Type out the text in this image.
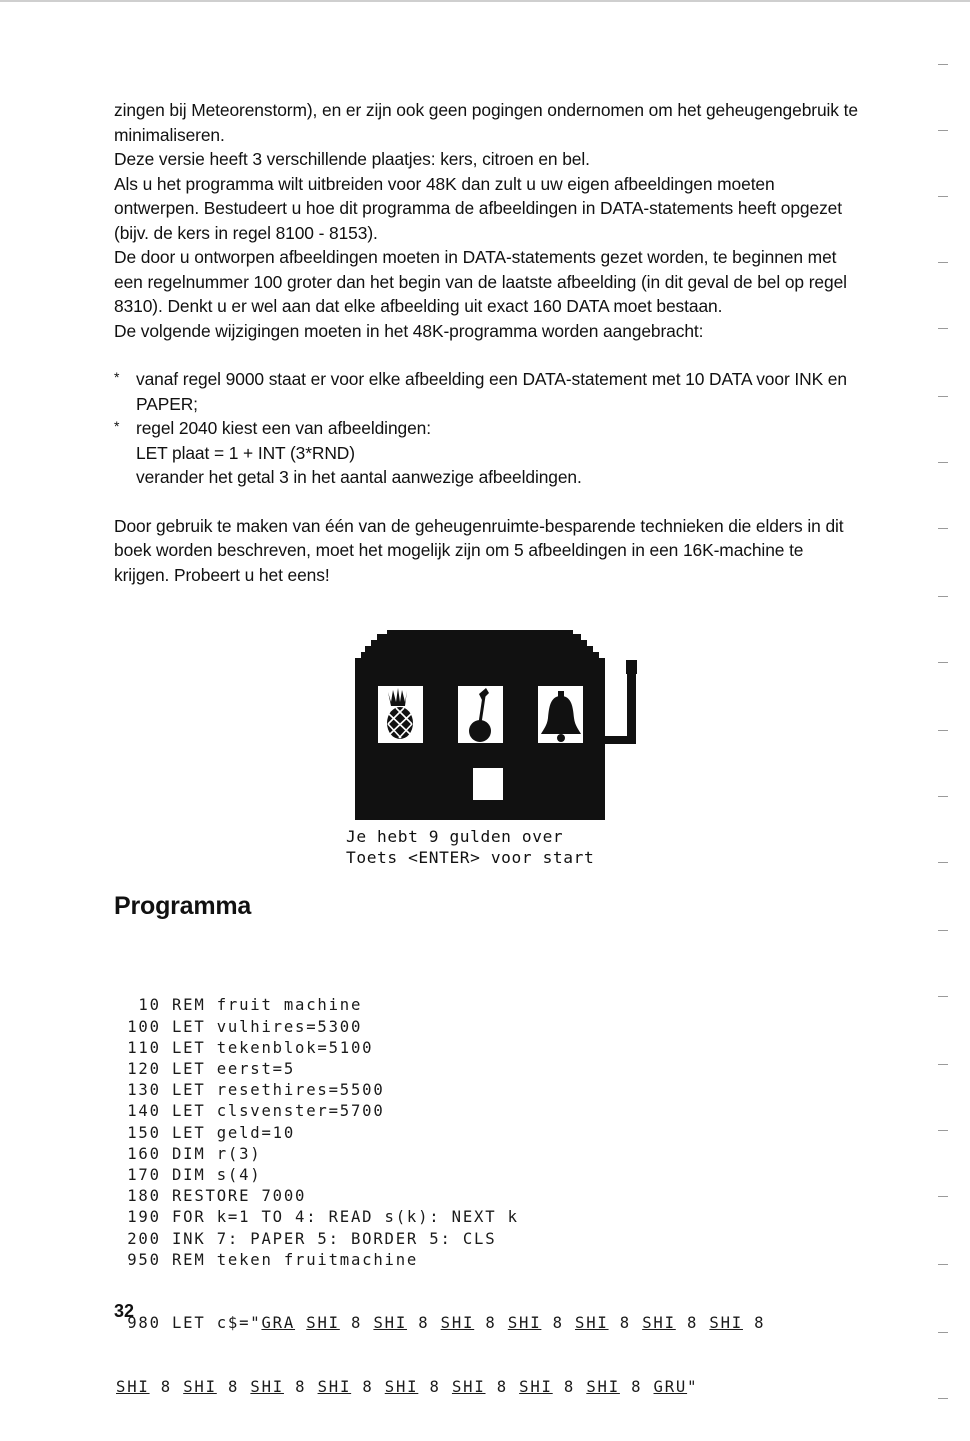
zingen bij Meteorenstorm), en er zijn ook geen pogingen ondernomen om het geheugengebruik te minimaliseren.

Deze versie heeft 3 verschillende plaatjes: kers, citroen en bel.

Als u het programma wilt uitbreiden voor 48K dan zult u uw eigen afbeeldingen moeten ontwerpen. Bestudeert u hoe dit programma de afbeeldingen in DATA-statements heeft opgezet (bijv. de kers in regel 8100 - 8153).

De door u ontworpen afbeeldingen moeten in DATA-statements gezet worden, te beginnen met een regelnummer 100 groter dan het begin van de laatste afbeelding (in dit geval de bel op regel 8310). Denkt u er wel aan dat elke afbeelding uit exact 160 DATA moet bestaan.

De volgende wijzigingen moeten in het 48K-programma worden aangebracht:

* vanaf regel 9000 staat er voor elke afbeelding een DATA-statement met 10 DATA voor INK en PAPER;

* regel 2040 kiest een van afbeeldingen:

LET plaat = 1 + INT (3*RND)

verander het getal 3 in het aantal aanwezige afbeeldingen.

Door gebruik te maken van één van de geheugenruimte-besparende technieken die elders in dit boek worden beschreven, moet het mogelijk zijn om 5 afbeeldingen in een 16K-machine te krijgen. Probeert u het eens!

Je hebt 9 gulden over
Toets <ENTER> voor start
Programma

10 REM fruit machine
100 LET vulhires=5300
110 LET tekenblok=5100
120 LET eerst=5
130 LET resethires=5500
140 LET clsvenster=5700
150 LET geld=10
160 DIM r(3)
170 DIM s(4)
180 RESTORE 7000
190 FOR k=1 TO 4: READ s(k): NEXT k
200 INK 7: PAPER 5: BORDER 5: CLS
950 REM teken fruitmachine

980 LET c$="GRA SHI 8 SHI 8 SHI 8 SHI 8 SHI 8 SHI 8 SHI 8

SHI 8 SHI 8 SHI 8 SHI 8 SHI 8 SHI 8 SHI 8 SHI 8 GRU"

32
